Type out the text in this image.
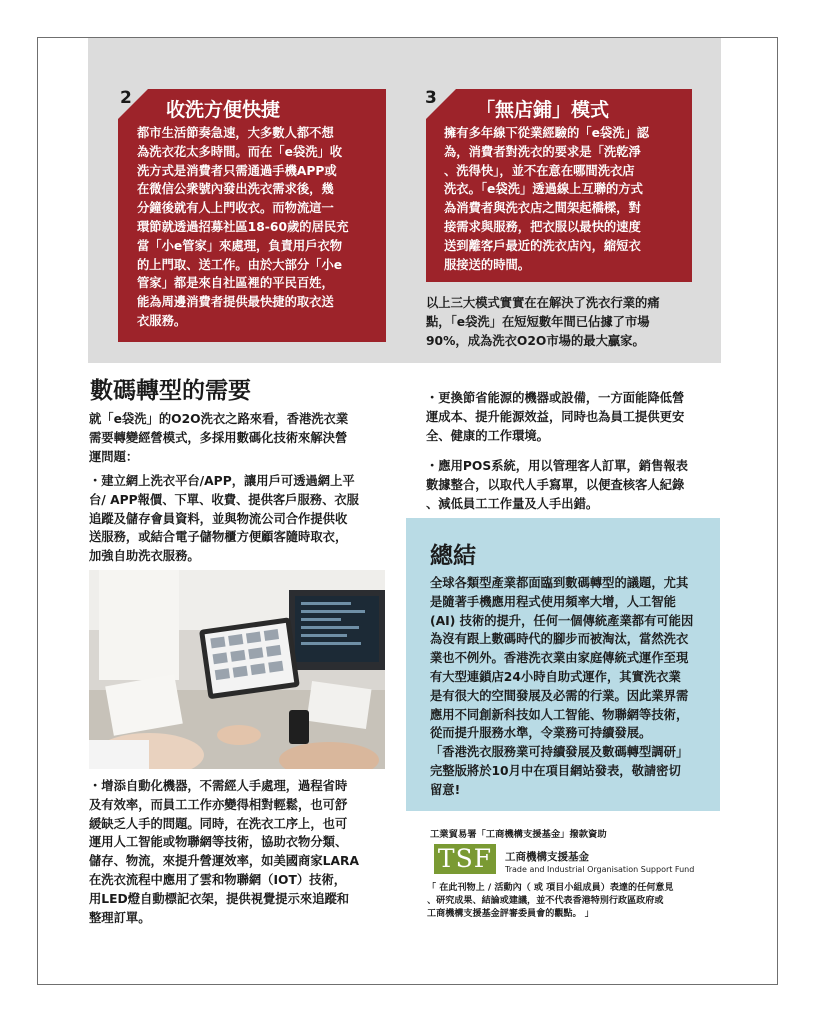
2
收洗方便快捷
都市生活節奏急速，大多數人都不想
為洗衣花太多時間。而在「e袋洗」收
洗方式是消費者只需通過手機APP或
在微信公衆號內發出洗衣需求後，幾
分鐘後就有人上門收衣。而物流這一
環節就透過招募社區18-60歲的居民充
當「小e管家」來處理，負責用戶衣物
的上門取、送工作。由於大部分「小e
管家」都是來自社區裡的平民百姓，
能為周邊消費者提供最快捷的取衣送
衣服務。
3
「無店鋪」模式
擁有多年線下從業經驗的「e袋洗」認
為，消費者對洗衣的要求是「洗乾淨
、洗得快」，並不在意在哪間洗衣店
洗衣。「e袋洗」透過線上互聯的方式
為消費者與洗衣店之間架起橋樑，對
接需求與服務，把衣服以最快的速度
送到離客戶最近的洗衣店內，縮短衣
服接送的時間。
以上三大模式實實在在解決了洗衣行業的痛
點，「e袋洗」在短短數年間已佔據了市場
90%，成為洗衣O2O市場的最大贏家。
數碼轉型的需要
就「e袋洗」的O2O洗衣之路來看，香港洗衣業
需要轉變經營模式，多採用數碼化技術來解決營
運問題：
・建立網上洗衣平台/APP，讓用戶可透過網上平
台/ APP報價、下單、收費、提供客戶服務、衣服
追蹤及儲存會員資料，並與物流公司合作提供收
送服務，或結合電子儲物櫃方便顧客隨時取衣，
加強自助洗衣服務。
・增添自動化機器，不需經人手處理，過程省時
及有效率，而員工工作亦變得相對輕鬆，也可舒
緩缺乏人手的問題。同時，在洗衣工序上，也可
運用人工智能或物聯網等技術，協助衣物分類、
儲存、物流，來提升營運效率，如美國商家LARA
在洗衣流程中應用了雲和物聯網（IOT）技術，
用LED燈自動標記衣架，提供視覺提示來追蹤和
整理訂單。
・更換節省能源的機器或設備，一方面能降低營
運成本、提升能源效益，同時也為員工提供更安
全、健康的工作環境。
・應用POS系統，用以管理客人訂單，銷售報表
數據整合，以取代人手寫單，以便查核客人紀錄
、減低員工工作量及人手出錯。
總結
全球各類型產業都面臨到數碼轉型的議題，尤其
是隨著手機應用程式使用頻率大增，人工智能
(AI) 技術的提升，任何一個傳統產業都有可能因
為沒有跟上數碼時代的腳步而被淘汰，當然洗衣
業也不例外。香港洗衣業由家庭傳統式運作至現
有大型連鎖店24小時自助式運作，其實洗衣業
是有很大的空間發展及必需的行業。因此業界需
應用不同創新科技如人工智能、物聯網等技術，
從而提升服務水準，令業務可持續發展。
「香港洗衣服務業可持續發展及數碼轉型調研」
完整版將於10月中在項目網站發表，敬請密切
留意!
工業貿易署「工商機構支援基金」撥款資助
TSF	工商機構支援基金
Trade and Industrial Organisation Support Fund
「 在此刊物上 / 活動內（ 或 項目小組成員）表達的任何意見
、研究成果、結論或建議，並不代表香港特別行政區政府或
工商機構支援基金評審委員會的觀點。 」
